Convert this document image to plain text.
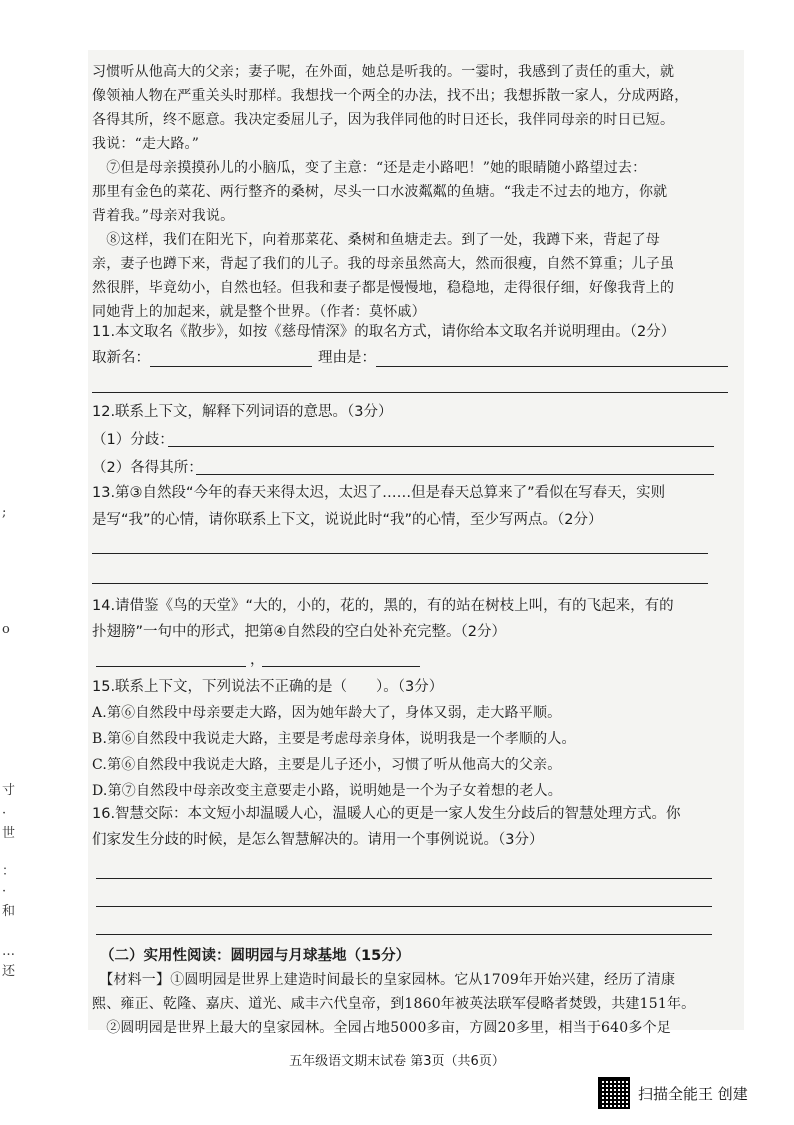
;
o
寸
·
世
：
·
和
…
还
习惯听从他高大的父亲；妻子呢，在外面，她总是听我的。一霎时，我感到了责任的重大，就
像领袖人物在严重关头时那样。我想找一个两全的办法，找不出；我想拆散一家人，分成两路，
各得其所，终不愿意。我决定委屈儿子，因为我伴同他的时日还长，我伴同母亲的时日已短。
我说：“走大路。”
　⑦但是母亲摸摸孙儿的小脑瓜，变了主意：“还是走小路吧！”她的眼睛随小路望过去：
那里有金色的菜花、两行整齐的桑树，尽头一口水波粼粼的鱼塘。“我走不过去的地方，你就
背着我。”母亲对我说。
　⑧这样，我们在阳光下，向着那菜花、桑树和鱼塘走去。到了一处，我蹲下来，背起了母
亲，妻子也蹲下来，背起了我们的儿子。我的母亲虽然高大，然而很瘦，自然不算重；儿子虽
然很胖，毕竟幼小，自然也轻。但我和妻子都是慢慢地，稳稳地，走得很仔细，好像我背上的
同她背上的加起来，就是整个世界。（作者：莫怀戚）
11.本文取名《散步》，如按《慈母情深》的取名方式，请你给本文取名并说明理由。（2分）
取新名：	理由是：
12.联系上下文，解释下列词语的意思。（3分）
（1）分歧：
（2）各得其所：
13.第③自然段“今年的春天来得太迟，太迟了……但是春天总算来了”看似在写春天，实则
是写“我”的心情，请你联系上下文，说说此时“我”的心情，至少写两点。（2分）
14.请借鉴《鸟的天堂》“大的，小的，花的，黑的，有的站在树枝上叫，有的飞起来，有的
扑翅膀”一句中的形式，把第④自然段的空白处补充完整。（2分）
，
15.联系上下文，下列说法不正确的是（　　）。（3分）
A.第⑥自然段中母亲要走大路，因为她年龄大了，身体又弱，走大路平顺。
B.第⑥自然段中我说走大路，主要是考虑母亲身体，说明我是一个孝顺的人。
C.第⑥自然段中我说走大路，主要是儿子还小，习惯了听从他高大的父亲。
D.第⑦自然段中母亲改变主意要走小路，说明她是一个为子女着想的老人。
16.智慧交际：本文短小却温暖人心，温暖人心的更是一家人发生分歧后的智慧处理方式。你
们家发生分歧的时候，是怎么智慧解决的。请用一个事例说说。（3分）
（二）实用性阅读：圆明园与月球基地（15分）
　【材料一】①圆明园是世界上建造时间最长的皇家园林。它从1709年开始兴建，经历了清康
熙、雍正、乾隆、嘉庆、道光、咸丰六代皇帝，到1860年被英法联军侵略者焚毁，共建151年。
　②圆明园是世界上最大的皇家园林。全园占地5000多亩，方圆20多里，相当于640多个足
五年级语文期末试卷 第3页（共6页）
扫描全能王 创建
